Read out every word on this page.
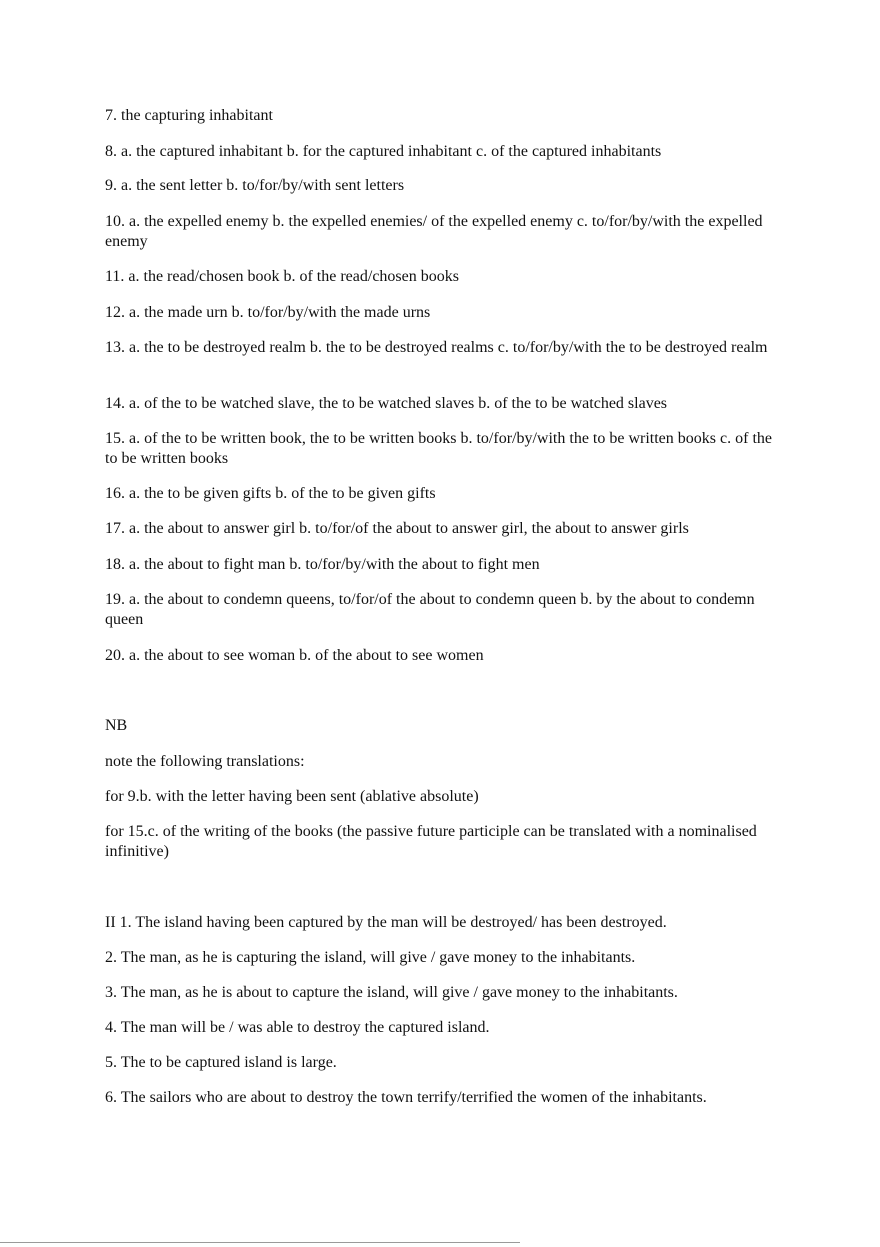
7. the capturing inhabitant

8. a. the captured inhabitant b. for the captured inhabitant c. of the captured inhabitants

9. a. the sent letter b. to/for/by/with sent letters

10. a. the expelled enemy b. the expelled enemies/ of the expelled enemy c. to/for/by/with the expelled enemy

11. a. the read/chosen book b. of the read/chosen books

12. a. the made urn b. to/for/by/with the made urns

13. a. the to be destroyed realm b. the to be destroyed realms c. to/for/by/with the to be destroyed realm

14. a. of the to be watched slave, the to be watched slaves b. of the to be watched slaves

15. a. of the to be written book, the to be written books b. to/for/by/with the to be written books c. of the to be written books

16. a. the to be given gifts b. of the to be given gifts

17. a. the about to answer girl b. to/for/of the about to answer girl, the about to answer girls

18. a. the about to fight man b. to/for/by/with the about to fight men

19. a. the about to condemn queens, to/for/of the about to condemn queen b. by the about to condemn queen

20. a. the about to see woman b. of the about to see women

NB

note the following translations:

for 9.b. with the letter having been sent (ablative absolute)

for 15.c. of the writing of the books (the passive future participle can be translated with a nominalised infinitive)

II 1. The island having been captured by the man will be destroyed/ has been destroyed.

2. The man, as he is capturing the island, will give / gave money to the inhabitants.

3. The man, as he is about to capture the island, will give / gave money to the inhabitants.

4. The man will be / was able to destroy the captured island.

5. The to be captured island is large.

6. The sailors who are about to destroy the town terrify/terrified the women of the inhabitants.
